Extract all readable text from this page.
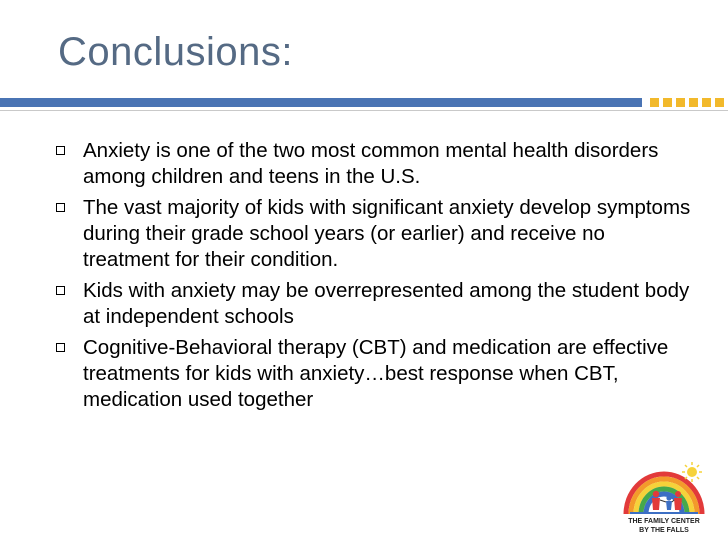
Conclusions:
Anxiety is one of the two most common mental health disorders among children and teens in the U.S.
The vast majority of kids with significant anxiety develop symptoms during their grade school years (or earlier) and receive no treatment for their condition.
Kids with anxiety may be overrepresented among the student body at independent schools
Cognitive-Behavioral therapy (CBT) and medication are effective treatments for kids with anxiety…best response when CBT, medication used together
THE FAMILY CENTER
BY THE FALLS
